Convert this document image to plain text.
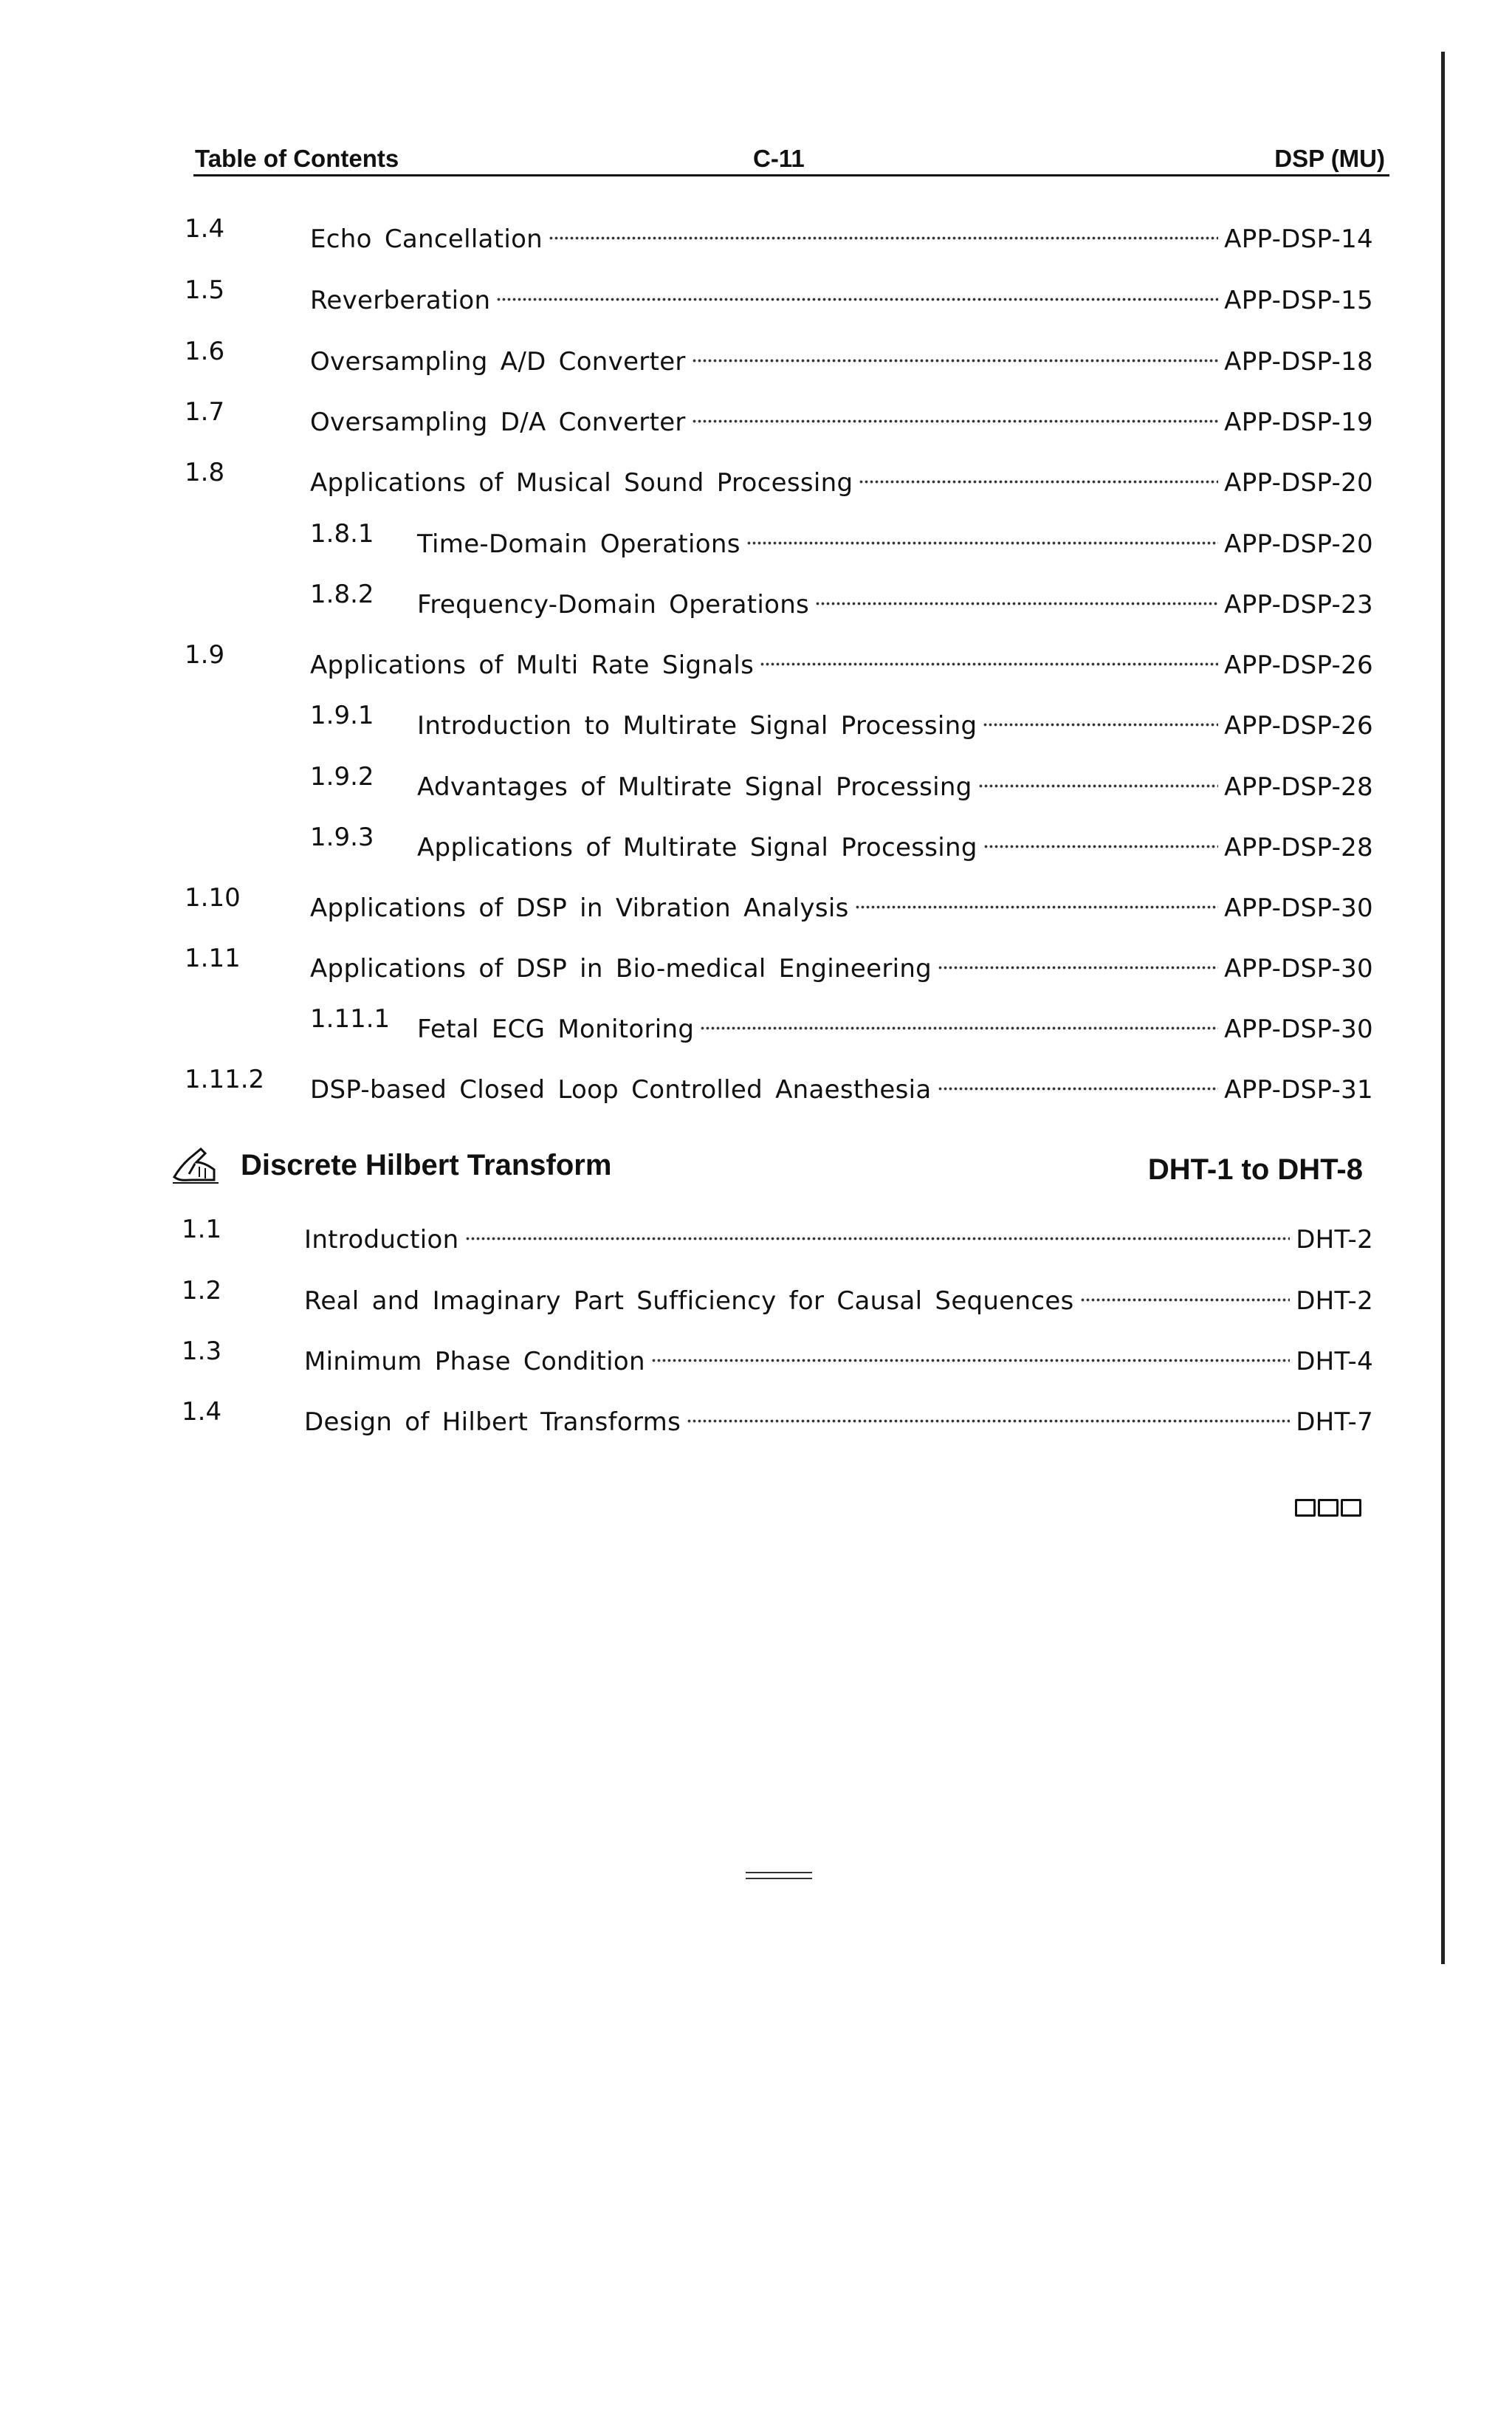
Table of Contents	C-11	DSP (MU)
1.4	Echo Cancellation	APP-DSP-14
1.5	Reverberation	APP-DSP-15
1.6	Oversampling A/D Converter	APP-DSP-18
1.7	Oversampling D/A Converter	APP-DSP-19
1.8	Applications of Musical Sound Processing	APP-DSP-20
1.8.1 Time-Domain Operations	APP-DSP-20
1.8.2 Frequency-Domain Operations	APP-DSP-23
1.9	Applications of Multi Rate Signals	APP-DSP-26
1.9.1 Introduction to Multirate Signal Processing	APP-DSP-26
1.9.2 Advantages of Multirate Signal Processing	APP-DSP-28
1.9.3 Applications of Multirate Signal Processing	APP-DSP-28
1.10	Applications of DSP in Vibration Analysis	APP-DSP-30
1.11	Applications of DSP in Bio-medical Engineering	APP-DSP-30
1.11.1 Fetal ECG Monitoring	APP-DSP-30
1.11.2 DSP-based Closed Loop Controlled Anaesthesia	APP-DSP-31
Discrete Hilbert Transform	DHT-1 to DHT-8
1.1	Introduction	DHT-2
1.2	Real and Imaginary Part Sufficiency for Causal Sequences	DHT-2
1.3	Minimum Phase Condition	DHT-4
1.4	Design of Hilbert Transforms	DHT-7
